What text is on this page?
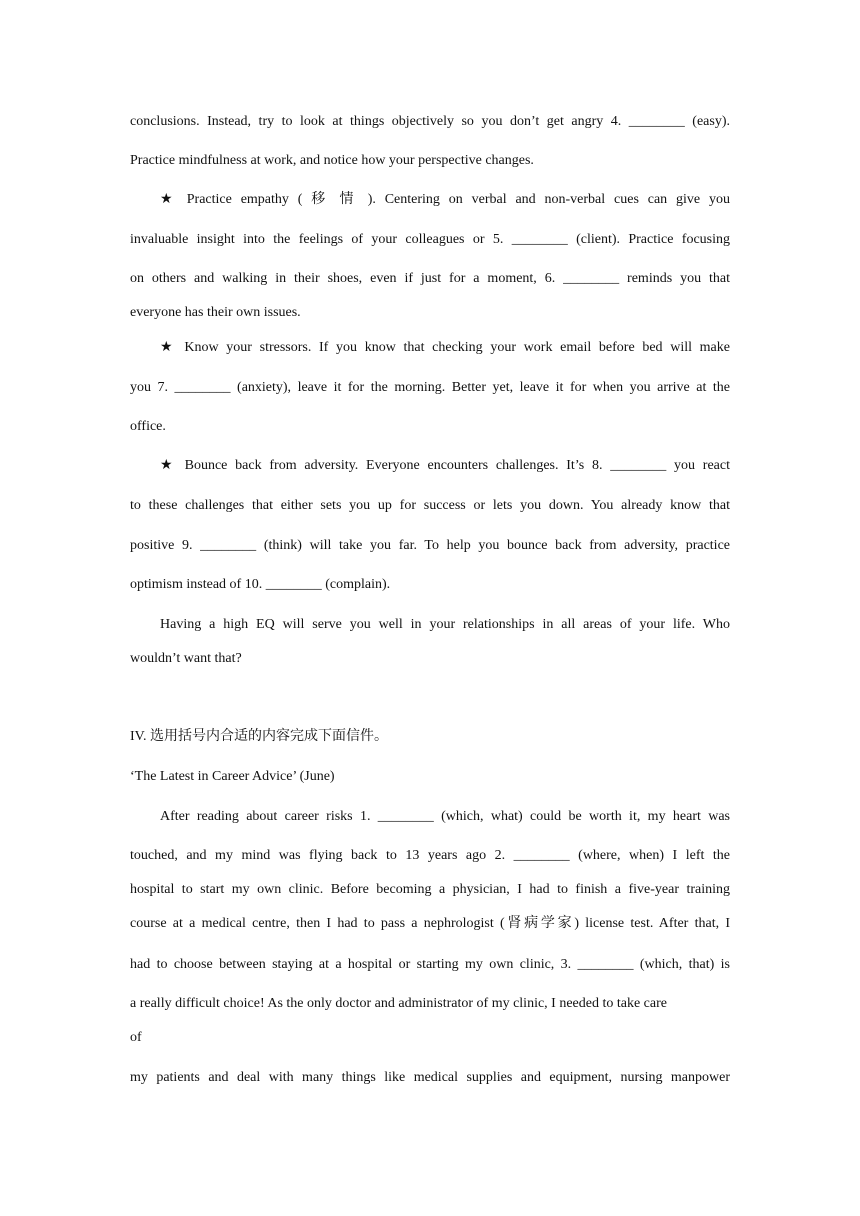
conclusions. Instead, try to look at things objectively so you don’t get angry 4. ________ (easy).
Practice mindfulness at work, and notice how your perspective changes.
★ Practice empathy ( 移 情 ). Centering on verbal and non-verbal cues can give you
invaluable insight into the feelings of your colleagues or 5. ________ (client). Practice focusing
on others and walking in their shoes, even if just for a moment, 6. ________ reminds you that
everyone has their own issues.
★ Know your stressors. If you know that checking your work email before bed will make
you 7. ________ (anxiety), leave it for the morning. Better yet, leave it for when you arrive at the
office.
★ Bounce back from adversity. Everyone encounters challenges. It’s 8. ________ you react
to these challenges that either sets you up for success or lets you down. You already know that
positive 9. ________ (think) will take you far. To help you bounce back from adversity, practice
optimism instead of 10. ________ (complain).
Having a high EQ will serve you well in your relationships in all areas of your life. Who
wouldn’t want that?
IV. 选用括号内合适的内容完成下面信件。
‘The Latest in Career Advice’ (June)
After reading about career risks 1. ________ (which, what) could be worth it, my heart was
touched, and my mind was flying back to 13 years ago 2. ________ (where, when) I left the
hospital to start my own clinic. Before becoming a physician, I had to finish a five-year training
course at a medical centre, then I had to pass a nephrologist (肾病学家) license test. After that, I
had to choose between staying at a hospital or starting my own clinic, 3. ________ (which, that) is
a really difficult choice! As the only doctor and administrator of my clinic, I needed to take care
of
my patients and deal with many things like medical supplies and equipment, nursing manpower
